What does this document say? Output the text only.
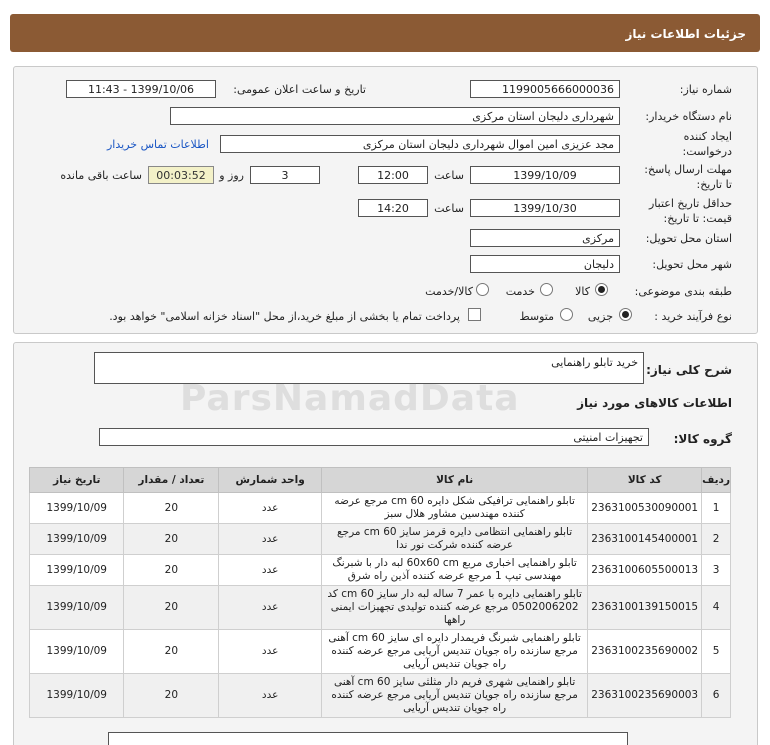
جزئیات اطلاعات نیاز
شماره نیاز:
1199005666000036
تاریخ و ساعت اعلان عمومی:
1399/10/06 - 11:43
نام دستگاه خریدار:
شهرداری دلیجان استان مرکزی
ایجاد کننده درخواست:
مجد عزیزی امین اموال شهرداری دلیجان استان مرکزی
اطلاعات تماس خریدار
مهلت ارسال پاسخ: تا تاریخ:
1399/10/09
ساعت
12:00
3
روز و
00:03:52
ساعت باقی مانده
حداقل تاریخ اعتبار قیمت: تا تاریخ:
1399/10/30
ساعت
14:20
استان محل تحویل:
مرکزی
شهر محل تحویل:
دلیجان
طبقه بندی موضوعی:
کالا
خدمت
کالا/خدمت
نوع فرآیند خرید :
جزیی
متوسط
پرداخت تمام یا بخشی از مبلغ خرید،از محل "اسناد خزانه اسلامی" خواهد بود.
شرح کلی نیاز:
خرید تابلو راهنمایی
اطلاعات کالاهای مورد نیاز
گروه کالا:
تجهیزات امنیتی
ردیف	کد کالا	نام کالا	واحد شمارش	تعداد / مقدار	تاریخ نیاز
1	2363100530090001	تابلو راهنمایی ترافیکی شکل دایره 60 cm مرجع عرضه کننده مهندسین مشاور هلال سبز	عدد	20	1399/10/09
2	2363100145400001	تابلو راهنمایی انتظامی دایره قرمز سایز 60 cm مرجع عرضه کننده شرکت نور ندا	عدد	20	1399/10/09
3	2363100605500013	تابلو راهنمایی اخباری مربع 60x60 cm لبه دار با شبرنگ مهندسی تیپ 1 مرجع عرضه کننده آذین راه شرق	عدد	20	1399/10/09
4	2363100139150015	تابلو راهنمایی دایره با عمر 7 ساله لبه دار سایز 60 cm کد 0502006202 مرجع عرضه کننده تولیدی تجهیزات ایمنی راهها	عدد	20	1399/10/09
5	2363100235690002	تابلو راهنمایی شبرنگ فریمدار دایره ای سایز 60 cm آهنی مرجع سازنده راه جویان تندیس آریایی مرجع عرضه کننده راه جویان تندیس آریایی	عدد	20	1399/10/09
6	2363100235690003	تابلو راهنمایی شهری فریم دار مثلثی سایز 60 cm آهنی مرجع سازنده راه جویان تندیس آریایی مرجع عرضه کننده راه جویان تندیس آریایی	عدد	20	1399/10/09
